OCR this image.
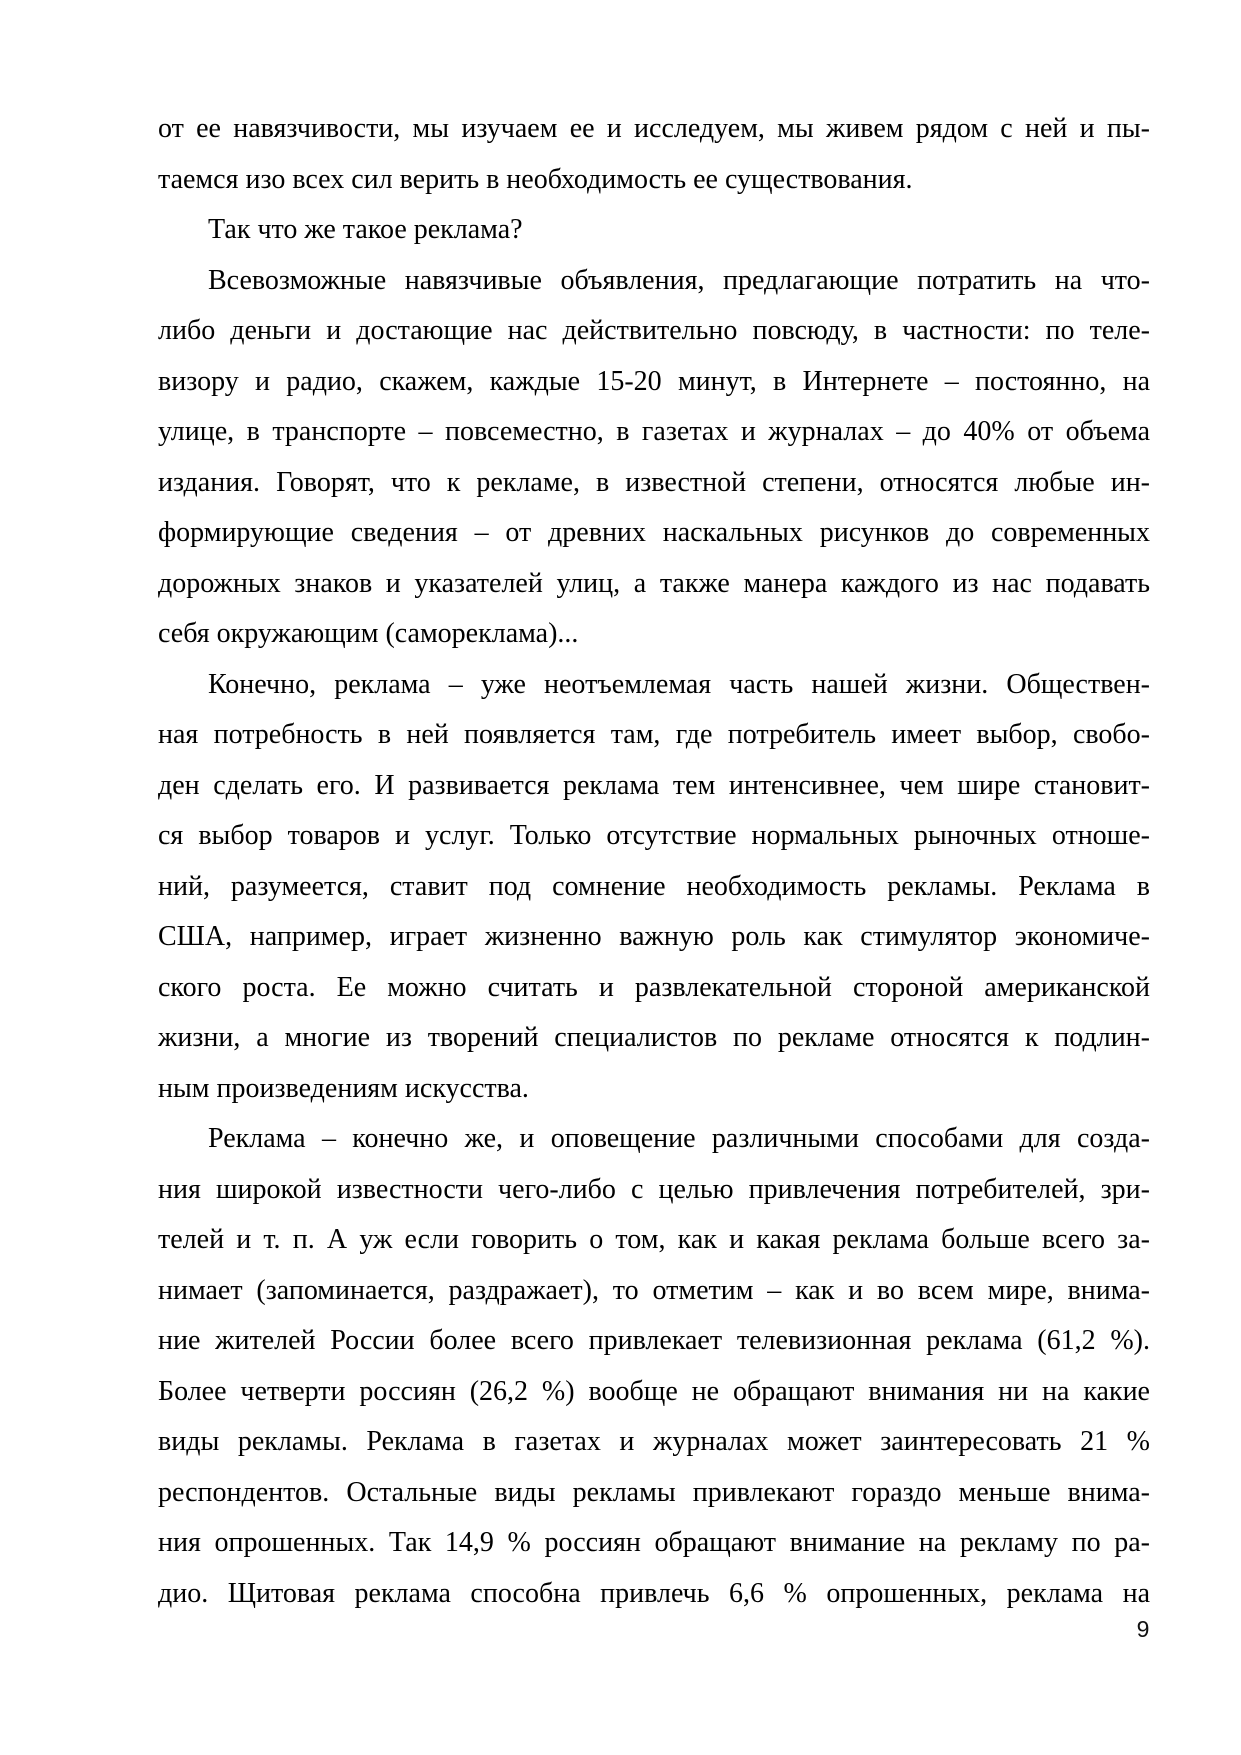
от ее навязчивости, мы изучаем ее и исследуем, мы живем рядом с ней и пы-
таемся изо всех сил верить в необходимость ее существования.
Так что же такое реклама?
Всевозможные навязчивые объявления, предлагающие потратить на что-
либо деньги и достающие нас действительно повсюду, в частности: по теле-
визору и радио, скажем, каждые 15-20 минут, в Интернете – постоянно, на
улице, в транспорте – повсеместно, в газетах и журналах – до 40% от объема
издания. Говорят, что к рекламе, в известной степени, относятся любые ин-
формирующие сведения – от древних наскальных рисунков до современных
дорожных знаков и указателей улиц, а также манера каждого из нас подавать
себя окружающим (самореклама)...
Конечно, реклама – уже неотъемлемая часть нашей жизни. Обществен-
ная потребность в ней появляется там, где потребитель имеет выбор, свобо-
ден сделать его. И развивается реклама тем интенсивнее, чем шире становит-
ся выбор товаров и услуг. Только отсутствие нормальных рыночных отноше-
ний, разумеется, ставит под сомнение необходимость рекламы. Реклама в
США, например, играет жизненно важную роль как стимулятор экономиче-
ского роста. Ее можно считать и развлекательной стороной американской
жизни, а многие из творений специалистов по рекламе относятся к подлин-
ным произведениям искусства.
Реклама – конечно же, и оповещение различными способами для созда-
ния широкой известности чего-либо с целью привлечения потребителей, зри-
телей и т. п. А уж если говорить о том, как и какая реклама больше всего за-
нимает (запоминается, раздражает), то отметим – как и во всем мире, внима-
ние жителей России более всего привлекает телевизионная реклама (61,2 %).
Более четверти россиян (26,2 %) вообще не обращают внимания ни на какие
виды рекламы. Реклама в газетах и журналах может заинтересовать 21 %
респондентов. Остальные виды рекламы привлекают гораздо меньше внима-
ния опрошенных. Так 14,9 % россиян обращают внимание на рекламу по ра-
дио. Щитовая реклама способна привлечь 6,6 % опрошенных, реклама на
9
